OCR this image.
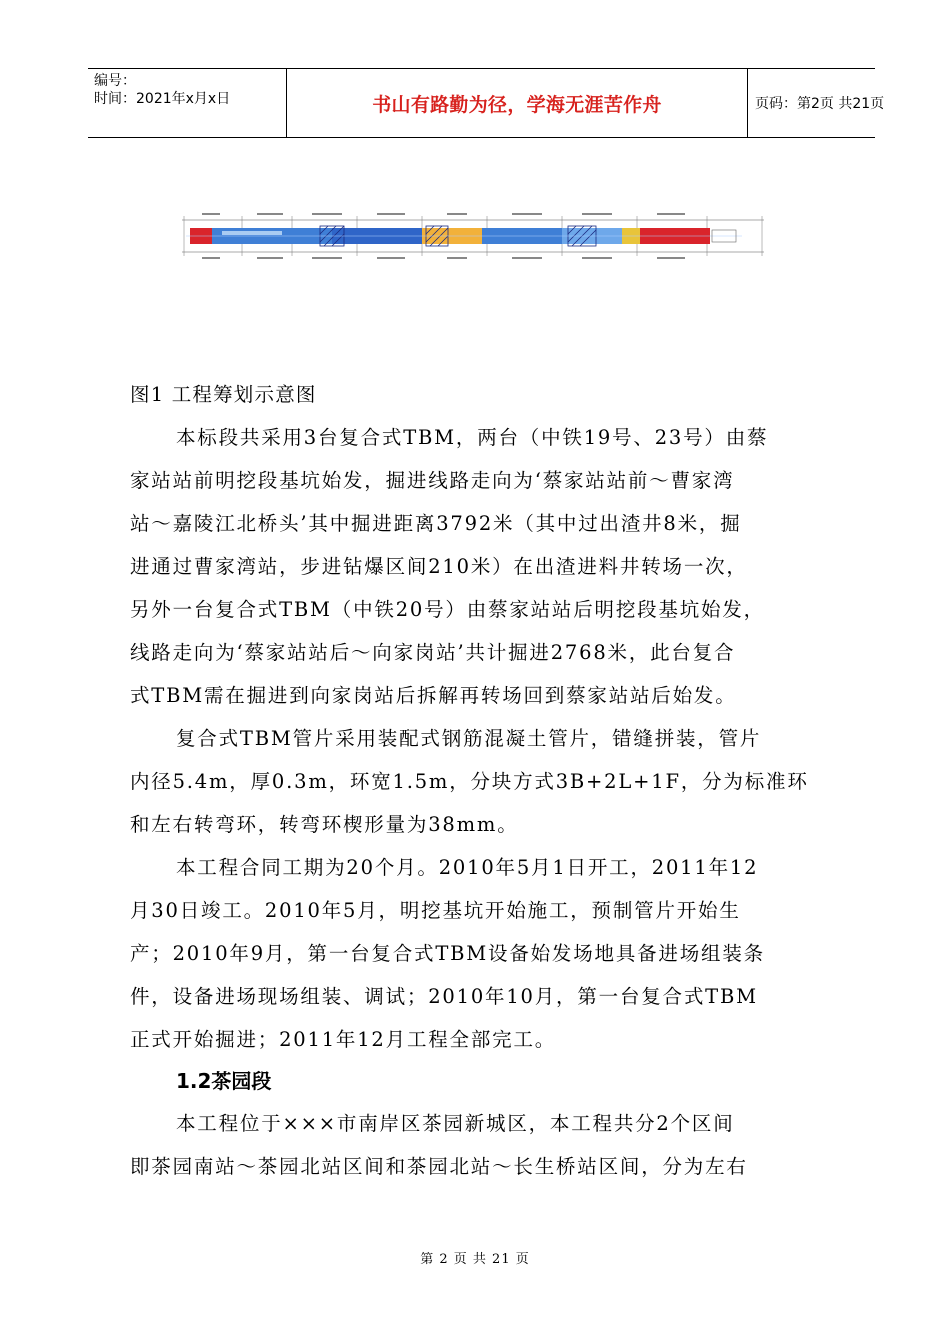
编号：
时间：2021年x月x日	书山有路勤为径，学海无涯苦作舟	页码：第2页 共21页
图1 工程筹划示意图
本标段共采用3台复合式TBM，两台（中铁19号、23号）由蔡
家站站前明挖段基坑始发，掘进线路走向为‘蔡家站站前～曹家湾
站～嘉陵江北桥头’其中掘进距离3792米（其中过出渣井8米，掘
进通过曹家湾站，步进钻爆区间210米）在出渣进料井转场一次，
另外一台复合式TBM（中铁20号）由蔡家站站后明挖段基坑始发，
线路走向为‘蔡家站站后～向家岗站’共计掘进2768米，此台复合
式TBM需在掘进到向家岗站后拆解再转场回到蔡家站站后始发。
复合式TBM管片采用装配式钢筋混凝土管片，错缝拼装，管片
内径5.4m，厚0.3m，环宽1.5m，分块方式3B+2L+1F，分为标准环
和左右转弯环，转弯环楔形量为38mm。
本工程合同工期为20个月。2010年5月1日开工，2011年12
月30日竣工。2010年5月，明挖基坑开始施工，预制管片开始生
产；2010年9月，第一台复合式TBM设备始发场地具备进场组装条
件，设备进场现场组装、调试；2010年10月，第一台复合式TBM
正式开始掘进；2011年12月工程全部完工。
1.2茶园段
本工程位于×××市南岸区茶园新城区，本工程共分2个区间
即茶园南站～茶园北站区间和茶园北站～长生桥站区间，分为左右
第 2 页 共 21 页
